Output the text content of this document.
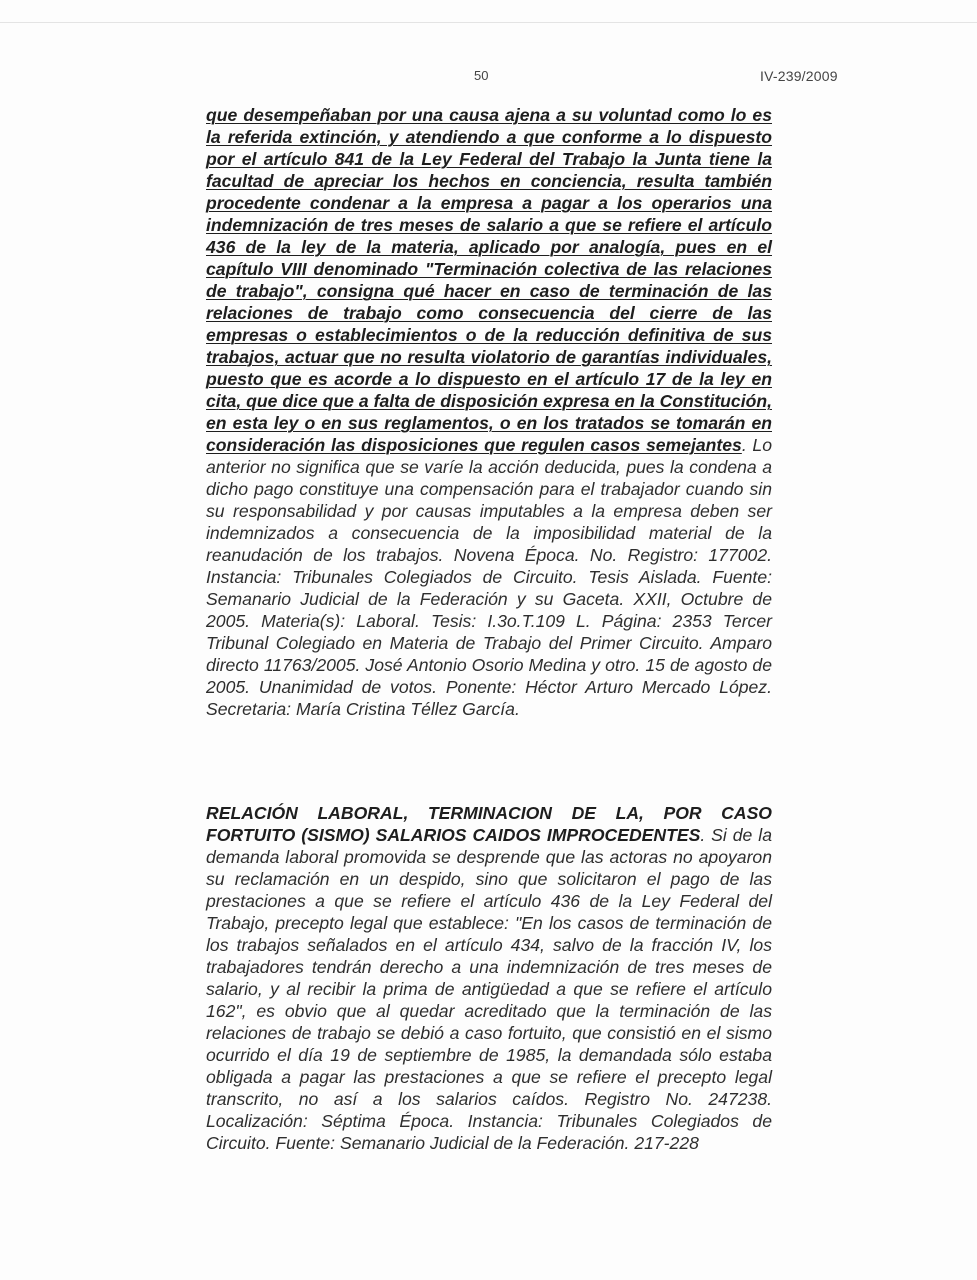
50	IV-239/2009
que desempeñaban por una causa ajena a su voluntad como lo es la referida extinción, y atendiendo a que conforme a lo dispuesto por el artículo 841 de la Ley Federal del Trabajo la Junta tiene la facultad de apreciar los hechos en conciencia, resulta también procedente condenar a la empresa a pagar a los operarios una indemnización de tres meses de salario a que se refiere el artículo 436 de la ley de la materia, aplicado por analogía, pues en el capítulo VIII denominado "Terminación colectiva de las relaciones de trabajo", consigna qué hacer en caso de terminación de las relaciones de trabajo como consecuencia del cierre de las empresas o establecimientos o de la reducción definitiva de sus trabajos, actuar que no resulta violatorio de garantías individuales, puesto que es acorde a lo dispuesto en el artículo 17 de la ley en cita, que dice que a falta de disposición expresa en la Constitución, en esta ley o en sus reglamentos, o en los tratados se tomarán en consideración las disposiciones que regulen casos semejantes. Lo anterior no significa que se varíe la acción deducida, pues la condena a dicho pago constituye una compensación para el trabajador cuando sin su responsabilidad y por causas imputables a la empresa deben ser indemnizados a consecuencia de la imposibilidad material de la reanudación de los trabajos. Novena Época. No. Registro: 177002. Instancia: Tribunales Colegiados de Circuito. Tesis Aislada. Fuente: Semanario Judicial de la Federación y su Gaceta. XXII, Octubre de 2005. Materia(s): Laboral. Tesis: I.3o.T.109 L. Página: 2353 Tercer Tribunal Colegiado en Materia de Trabajo del Primer Circuito. Amparo directo 11763/2005. José Antonio Osorio Medina y otro. 15 de agosto de 2005. Unanimidad de votos. Ponente: Héctor Arturo Mercado López. Secretaria: María Cristina Téllez García.
RELACIÓN LABORAL, TERMINACION DE LA, POR CASO FORTUITO (SISMO) SALARIOS CAIDOS IMPROCEDENTES. Si de la demanda laboral promovida se desprende que las actoras no apoyaron su reclamación en un despido, sino que solicitaron el pago de las prestaciones a que se refiere el artículo 436 de la Ley Federal del Trabajo, precepto legal que establece: "En los casos de terminación de los trabajos señalados en el artículo 434, salvo de la fracción IV, los trabajadores tendrán derecho a una indemnización de tres meses de salario, y al recibir la prima de antigüedad a que se refiere el artículo 162", es obvio que al quedar acreditado que la terminación de las relaciones de trabajo se debió a caso fortuito, que consistió en el sismo ocurrido el día 19 de septiembre de 1985, la demandada sólo estaba obligada a pagar las prestaciones a que se refiere el precepto legal transcrito, no así a los salarios caídos. Registro No. 247238. Localización: Séptima Época. Instancia: Tribunales Colegiados de Circuito. Fuente: Semanario Judicial de la Federación. 217-228
